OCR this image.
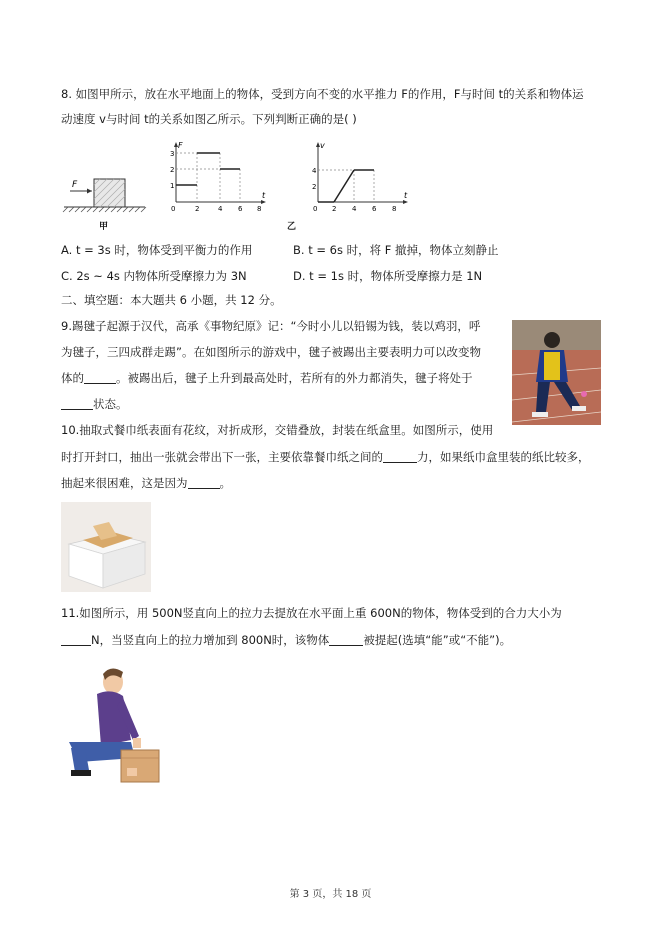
8. 如图甲所示，放在水平地面上的物体，受到方向不变的水平推力 F的作用，F与时间 t的关系和物体运
动速度 v与时间 t的关系如图乙所示。下列判断正确的是( )
F
甲
F
t
0
1
2
3
2	4 6 8
v
t
0
2
4
2 4 6 8
乙
A. t = 3s 时，物体受到平衡力的作用	B. t = 6s 时，将 F 撤掉，物体立刻静止
C. 2s ~ 4s 内物体所受摩擦力为 3N	D. t = 1s 时，物体所受摩擦力是 1N
二、填空题：本大题共 6 小题，共 12 分。
9.踢毽子起源于汉代，高承《事物纪原》记：“今时小儿以铅锡为钱，装以鸡羽，呼
为毽子，三四成群走踢”。在如图所示的游戏中，毽子被踢出主要表明力可以改变物
体的	。被踢出后，毽子上升到最高处时，若所有的外力都消失，毽子将处于
状态。
10.抽取式餐巾纸表面有花纹，对折成形，交错叠放，封装在纸盒里。如图所示，使用
时打开封口，抽出一张就会带出下一张，主要依靠餐巾纸之间的	力，如果纸巾盒里装的纸比较多，
抽起来很困难，这是因为	。
11.如图所示，用 500N竖直向上的拉力去提放在水平面上重 600N的物体，物体受到的合力大小为
N，当竖直向上的拉力增加到 800N时，该物体	被提起(选填“能”或“不能”)。
第 3 页，共 18 页
